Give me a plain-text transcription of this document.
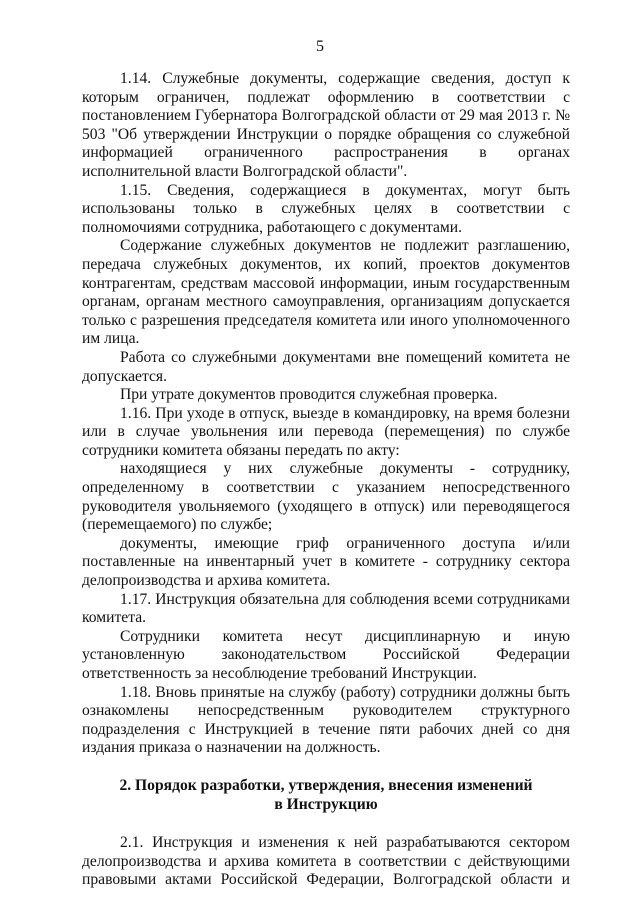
5

1.14. Служебные документы, содержащие сведения, доступ к которым ограничен, подлежат оформлению в соответствии с постановлением Губернатора Волгоградской области от 29 мая 2013 г. № 503 "Об утверждении Инструкции о порядке обращения со служебной информацией ограниченного распространения в органах исполнительной власти Волгоградской области".

1.15. Сведения, содержащиеся в документах, могут быть использованы только в служебных целях в соответствии с полномочиями сотрудника, работающего с документами.

Содержание служебных документов не подлежит разглашению, передача служебных документов, их копий, проектов документов контрагентам, средствам массовой информации, иным государственным органам, органам местного самоуправления, организациям допускается только с разрешения председателя комитета или иного уполномоченного им лица.

Работа со служебными документами вне помещений комитета не допускается.

При утрате документов проводится служебная проверка.

1.16. При уходе в отпуск, выезде в командировку, на время болезни или в случае увольнения или перевода (перемещения) по службе сотрудники комитета обязаны передать по акту:

находящиеся у них служебные документы - сотруднику, определенному в соответствии с указанием непосредственного руководителя увольняемого (уходящего в отпуск) или переводящегося (перемещаемого) по службе;

документы, имеющие гриф ограниченного доступа и/или поставленные на инвентарный учет в комитете - сотруднику сектора делопроизводства и архива комитета.

1.17. Инструкция обязательна для соблюдения всеми сотрудниками комитета.

Сотрудники комитета несут дисциплинарную и иную установленную законодательством Российской Федерации ответственность за несоблюдение требований Инструкции.

1.18. Вновь принятые на службу (работу) сотрудники должны быть ознакомлены непосредственным руководителем структурного подразделения с Инструкцией в течение пяти рабочих дней со дня издания приказа о назначении на должность.

2. Порядок разработки, утверждения, внесения изменений
в Инструкцию

2.1. Инструкция и изменения к ней разрабатываются сектором делопроизводства и архива комитета в соответствии с действующими правовыми актами Российской Федерации, Волгоградской области и
